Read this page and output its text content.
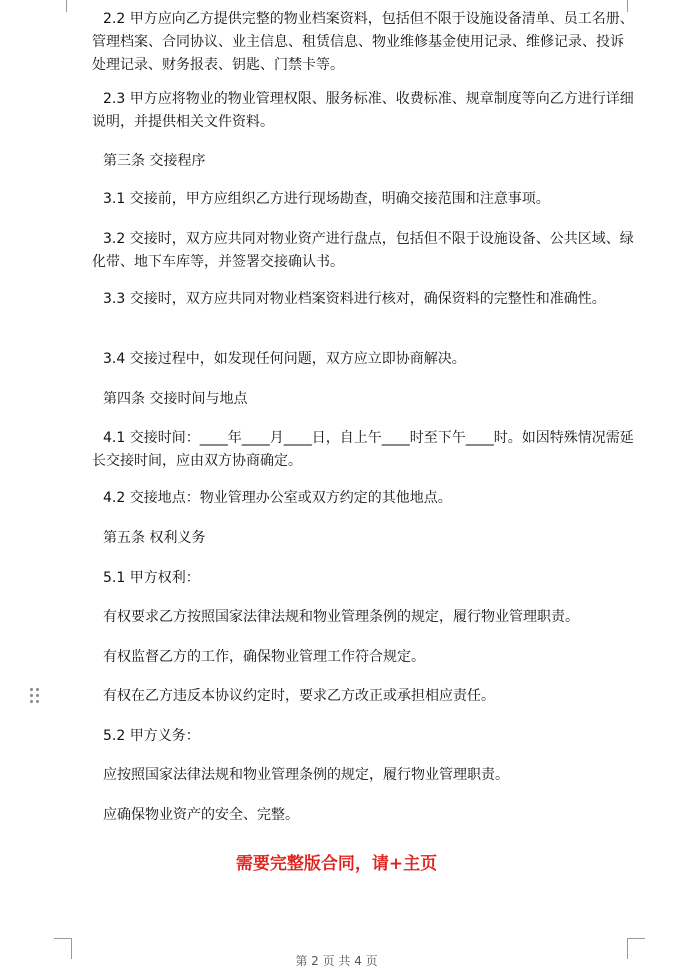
2.2 甲方应向乙方提供完整的物业档案资料，包括但不限于设施设备清单、员工名册、管理档案、合同协议、业主信息、租赁信息、物业维修基金使用记录、维修记录、投诉处理记录、财务报表、钥匙、门禁卡等。

2.3 甲方应将物业的物业管理权限、服务标准、收费标准、规章制度等向乙方进行详细说明，并提供相关文件资料。

第三条 交接程序

3.1 交接前，甲方应组织乙方进行现场勘查，明确交接范围和注意事项。

3.2 交接时，双方应共同对物业资产进行盘点，包括但不限于设施设备、公共区域、绿化带、地下车库等，并签署交接确认书。

3.3 交接时，双方应共同对物业档案资料进行核对，确保资料的完整性和准确性。

3.4 交接过程中，如发现任何问题，双方应立即协商解决。

第四条 交接时间与地点

4.1 交接时间：____年____月____日，自上午____时至下午____时。如因特殊情况需延长交接时间，应由双方协商确定。

4.2 交接地点：物业管理办公室或双方约定的其他地点。

第五条 权利义务

5.1 甲方权利：

有权要求乙方按照国家法律法规和物业管理条例的规定，履行物业管理职责。

有权监督乙方的工作，确保物业管理工作符合规定。

有权在乙方违反本协议约定时，要求乙方改正或承担相应责任。

5.2 甲方义务：

应按照国家法律法规和物业管理条例的规定，履行物业管理职责。

应确保物业资产的安全、完整。

需要完整版合同，请+主页
第 2 页 共 4 页
